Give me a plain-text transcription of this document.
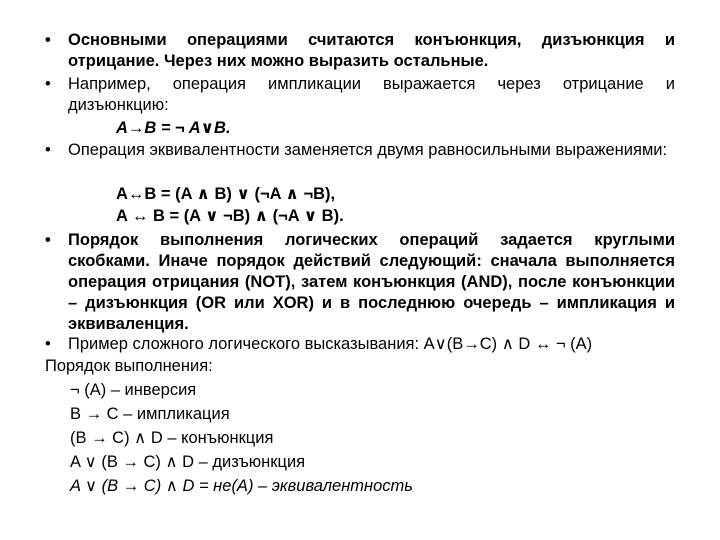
• Основными операциями считаются конъюнкция, дизъюнкция и отрицание. Через них можно выразить остальные.
• Например, операция импликации выражается через отрицание и дизъюнкцию:
A→B = ¬ A∨B.
• Операция эквивалентности заменяется двумя равносильными выражениями:
A↔B = (A ∧ B) ∨ (¬A ∧ ¬B),
A ↔ B = (A ∨ ¬B) ∧ (¬A ∨ B).
• Порядок выполнения логических операций задается круглыми скобками. Иначе порядок действий следующий: сначала выполняется операция отрицания (NOT), затем конъюнкция (AND), после конъюнкции – дизъюнкция (OR или XOR) и в последнюю очередь – импликация и эквиваленция.
• Пример сложного логического высказывания: A∨(B→C) ∧ D ↔ ¬ (A)
Порядок выполнения:
¬ (А) – инверсия
B → C – импликация
(B → C) ∧ D – конъюнкция
A ∨ (B → C) ∧ D – дизъюнкция
A ∨ (B → C) ∧ D = не(A) – эквивалентность
